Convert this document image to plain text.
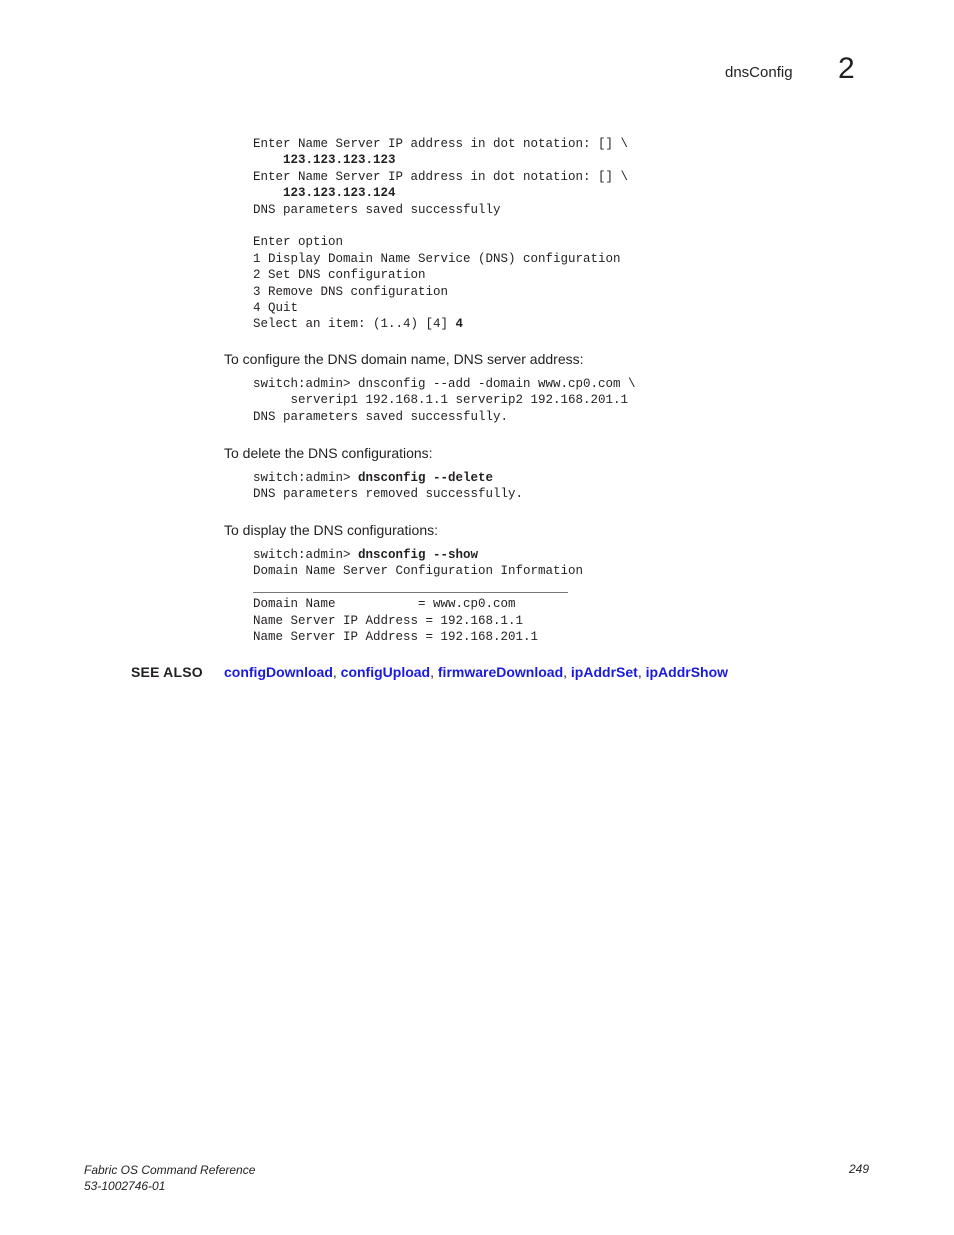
dnsConfig 2
Enter Name Server IP address in dot notation: [] \
123.123.123.123
Enter Name Server IP address in dot notation: [] \
123.123.123.124
DNS parameters saved successfully

Enter option
1 Display Domain Name Service (DNS) configuration
2 Set DNS configuration
3 Remove DNS configuration
4 Quit
Select an item: (1..4) [4] 4
To configure the DNS domain name, DNS server address:
switch:admin> dnsconfig --add -domain www.cp0.com \
serverip1 192.168.1.1 serverip2 192.168.201.1
DNS parameters saved successfully.
To delete the DNS configurations:
switch:admin> dnsconfig --delete
DNS parameters removed successfully.
To display the DNS configurations:
switch:admin> dnsconfig --show
Domain Name Server Configuration Information
__________________________________________
Domain Name           = www.cp0.com
Name Server IP Address = 192.168.1.1
Name Server IP Address = 192.168.201.1
SEE ALSO configDownload, configUpload, firmwareDownload, ipAddrSet, ipAddrShow
Fabric OS Command Reference
53-1002746-01
249
